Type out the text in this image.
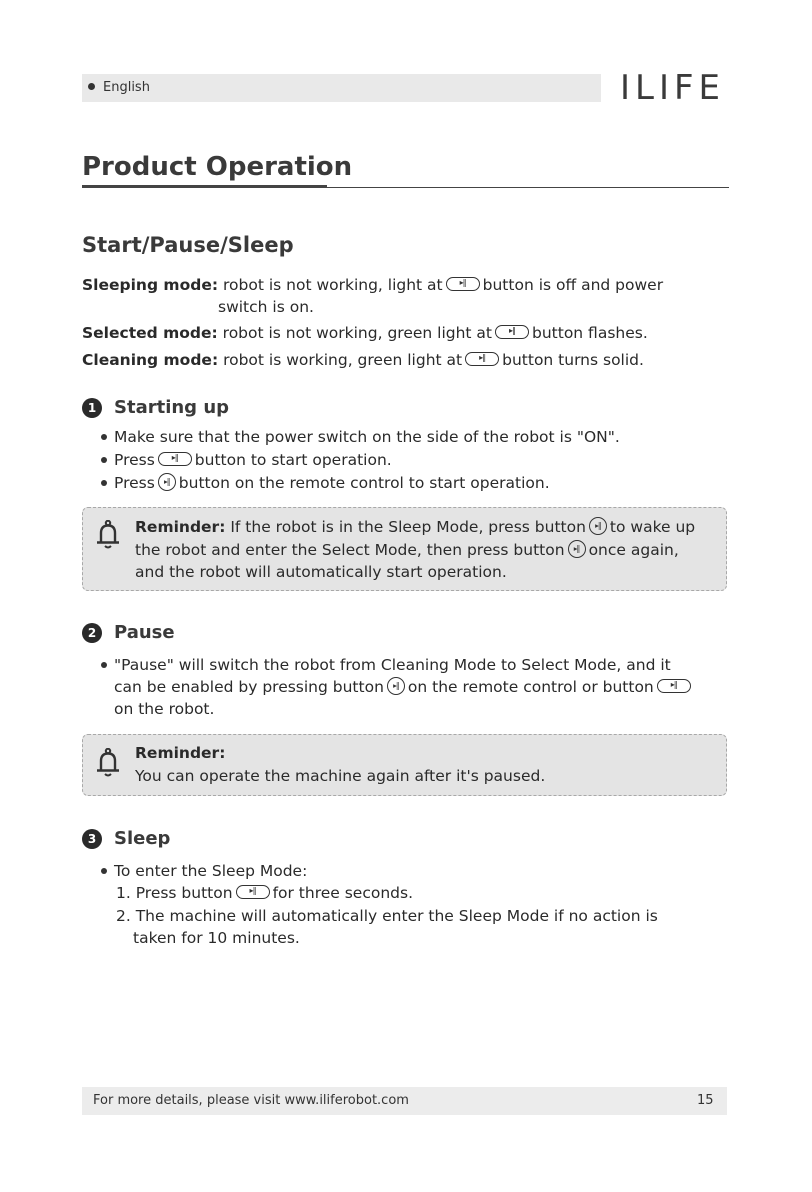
English	ILIFE
Product Operation
Start/Pause/Sleep
Sleeping mode: robot is not working, light at ▸‖	button is off and power
switch is on.
Selected mode: robot is not working, green light at ▸‖	button flashes.
Cleaning mode: robot is working, green light at ▸‖	button turns solid.
1 Starting up
Make sure that the power switch on the side of the robot is "ON".
Press ▸‖	button to start operation.
Press ▸‖ button on the remote control to start operation.
Reminder: If the robot is in the Sleep Mode, press button ▸‖ to wake up
the robot and enter the Select Mode, then press button ▸‖ once again,
and the robot will automatically start operation.
2 Pause
"Pause" will switch the robot from Cleaning Mode to Select Mode, and it
can be enabled by pressing button ▸‖ on the remote control or button▸‖
on the robot.
Reminder:
You can operate the machine again after it's paused.
3 Sleep
To enter the Sleep Mode:
1. Press button ▸‖	for three seconds.
2. The machine will automatically enter the Sleep Mode if no action is
taken for 10 minutes.
For more details, please visit www.iliferobot.com	15
